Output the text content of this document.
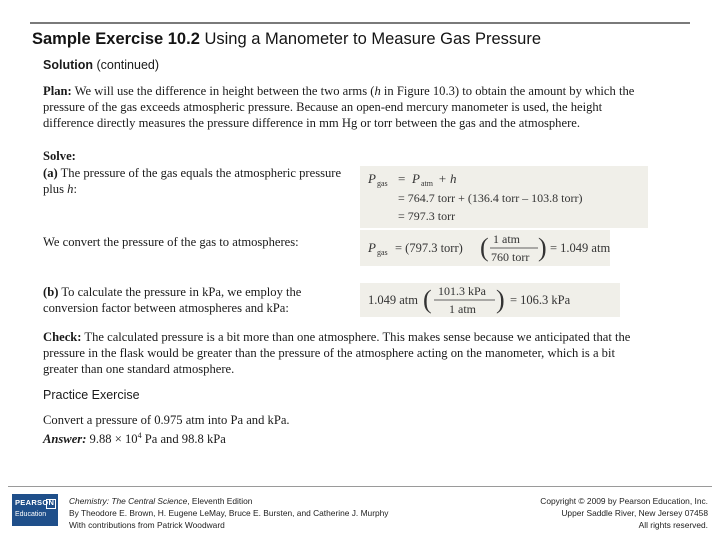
Sample Exercise 10.2 Using a Manometer to Measure Gas Pressure
Solution (continued)
Plan: We will use the difference in height between the two arms (h in Figure 10.3) to obtain the amount by which the pressure of the gas exceeds atmospheric pressure. Because an open-end mercury manometer is used, the height difference directly measures the pressure difference in mm Hg or torr between the gas and the atmosphere.
Solve:
(a) The pressure of the gas equals the atmospheric pressure plus h:
P gas = P atm + h
= 764.7 torr + (136.4 torr – 103.8 torr)
= 797.3 torr
We convert the pressure of the gas to atmospheres:	P gas = (797.3 torr) ( 1 atm
760 torr ) = 1.049 atm
(b) To calculate the pressure in kPa, we employ the conversion factor between atmospheres and kPa:
1.049 atm ( 101.3 kPa
1 atm ) = 106.3 kPa
Check: The calculated pressure is a bit more than one atmosphere. This makes sense because we anticipated that the pressure in the flask would be greater than the pressure of the atmosphere acting on the manometer, which is a bit greater than one standard atmosphere.
Practice Exercise
Convert a pressure of 0.975 atm into Pa and kPa.
Answer: $9.88 \times 10^4$ Pa and 98.8 kPa
PEARSON
Education
Chemistry: The Central Science, Eleventh Edition
By Theodore E. Brown, H. Eugene LeMay, Bruce E. Bursten, and Catherine J. Murphy
With contributions from Patrick Woodward
Copyright © 2009 by Pearson Education, Inc.
Upper Saddle River, New Jersey 07458
All rights reserved.
